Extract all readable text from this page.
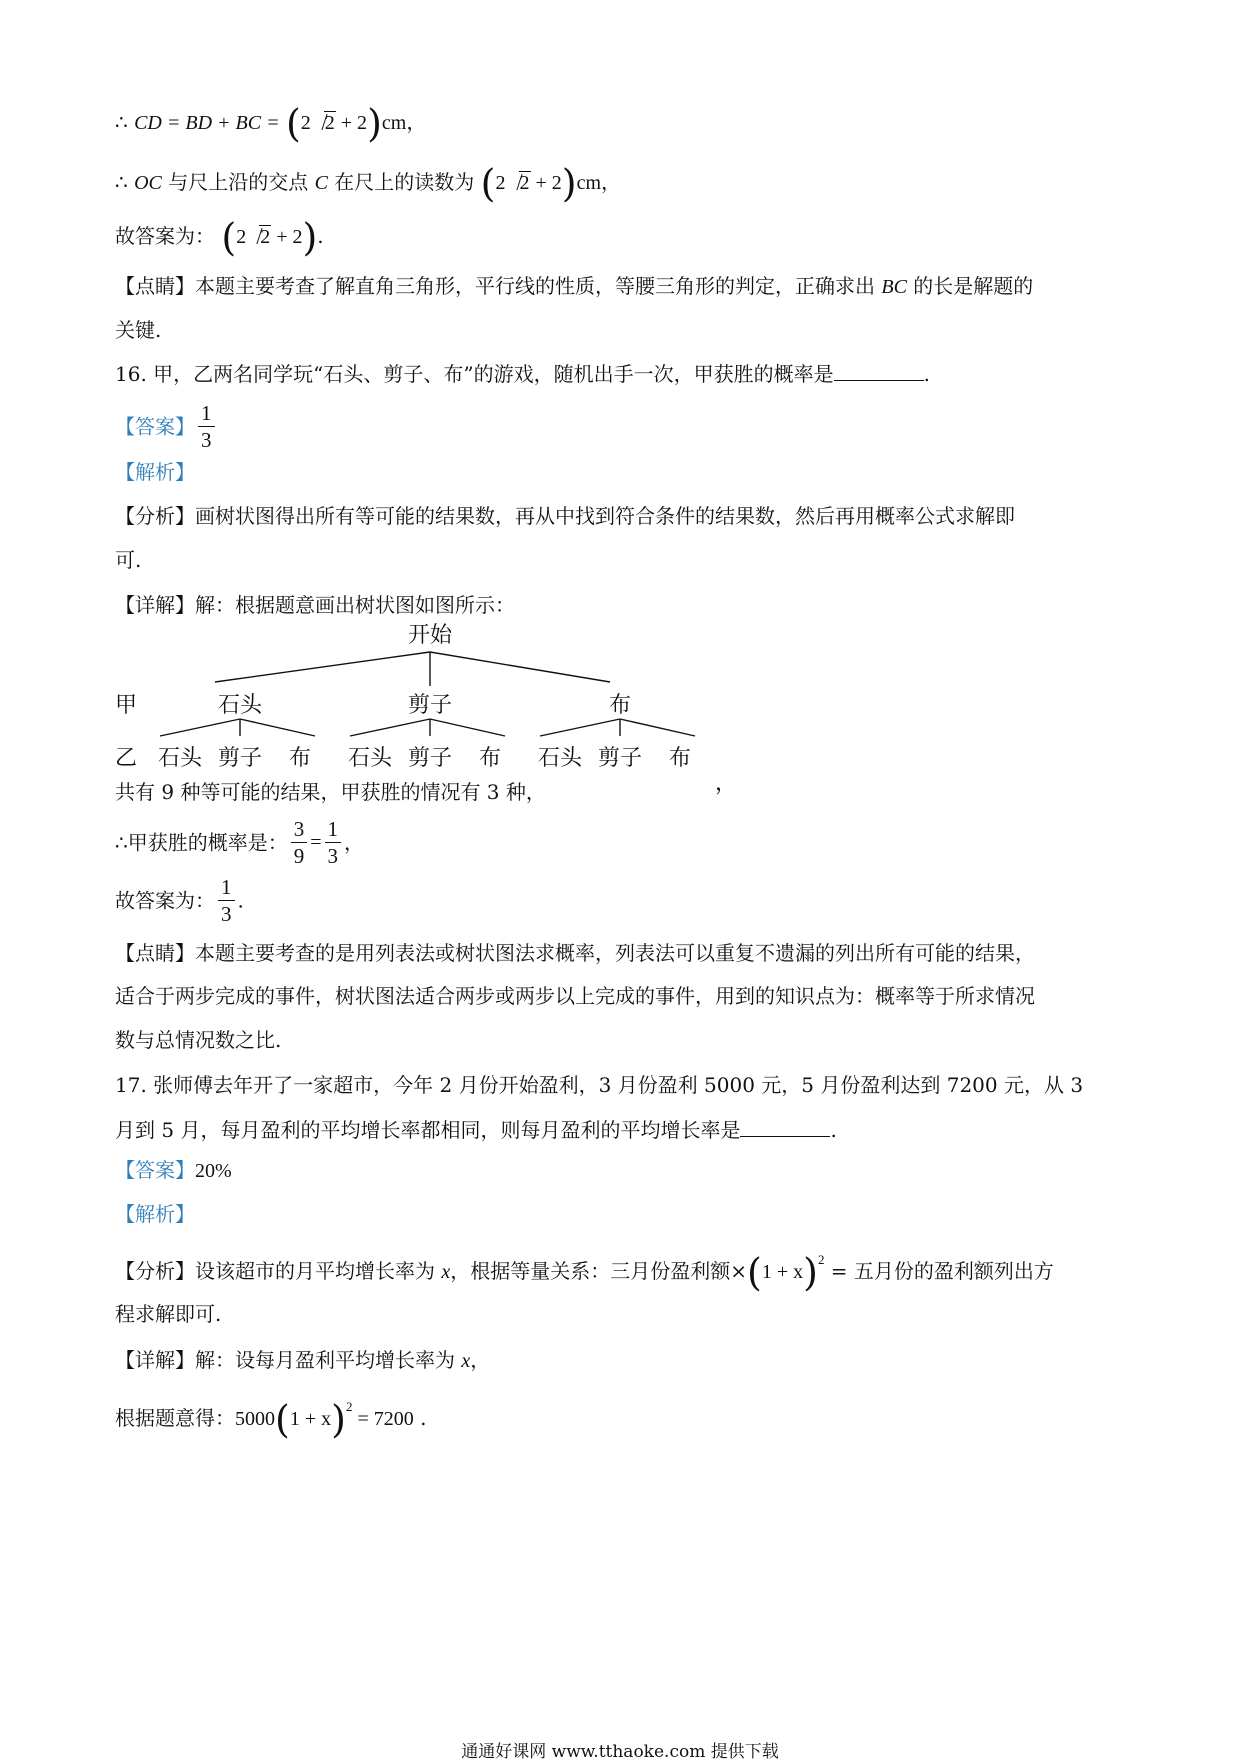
∴ CD = BD + BC = (2 2 + 2)cm，
∴ OC 与尺上沿的交点 C 在尺上的读数为 (2 2 + 2)cm，
故答案为： (2 2 + 2).
【点睛】本题主要考查了解直角三角形，平行线的性质，等腰三角形的判定，正确求出 BC 的长是解题的
关键.
16. 甲，乙两名同学玩“石头、剪子、布”的游戏，随机出手一次，甲获胜的概率是	.
【答案】 $\frac{1}{3}$
【解析】
【分析】画树状图得出所有等可能的结果数，再从中找到符合条件的结果数，然后再用概率公式求解即
可.
【详解】解：根据题意画出树状图如图所示：
开始
甲
乙
石头	剪子	布
，
石头 剪子 布 石头 剪子 布 石头 剪子 布
共有 9 种等可能的结果，甲获胜的情况有 3 种，
∴甲获胜的概率是： $\frac{3}{9} = \frac{1}{3}$ ，
故答案为： $\frac{1}{3}$ .
【点睛】本题主要考查的是用列表法或树状图法求概率，列表法可以重复不遗漏的列出所有可能的结果，
适合于两步完成的事件，树状图法适合两步或两步以上完成的事件，用到的知识点为：概率等于所求情况
数与总情况数之比.
17. 张师傅去年开了一家超市，今年 2 月份开始盈利，3 月份盈利 5000 元，5 月份盈利达到 7200 元，从 3
月到 5 月，每月盈利的平均增长率都相同，则每月盈利的平均增长率是	.
【答案】20%
【解析】
【分析】设该超市的月平均增长率为 x，根据等量关系：三月份盈利额$\times(1 + x)^2$ = 五月份的盈利额列出方
程求解即可.
【详解】解：设每月盈利平均增长率为 x，
根据题意得：$5000(1 + x)^2 = 7200$ .
通通好课网 www.tthaoke.com 提供下载
